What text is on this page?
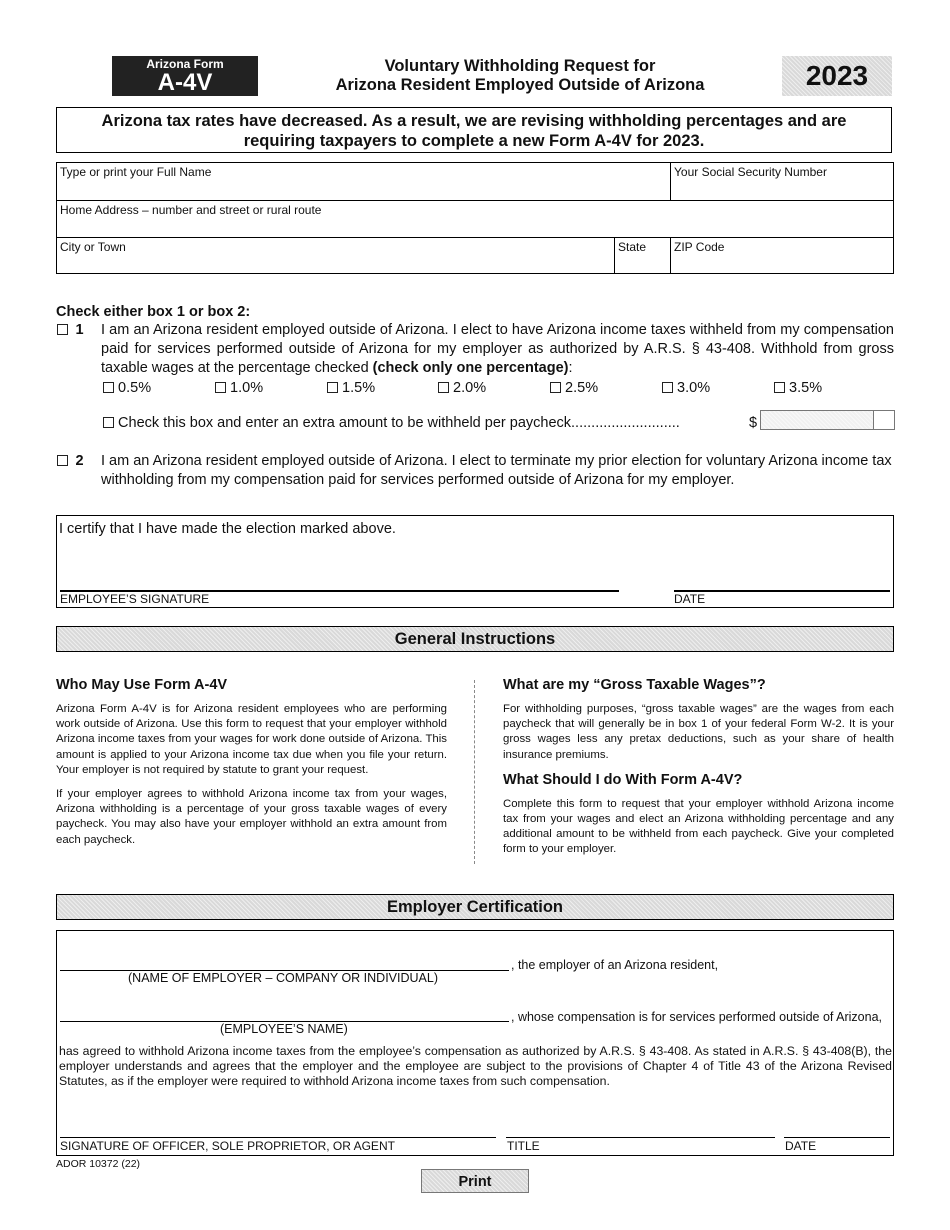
Arizona Form
A-4V
Voluntary Withholding Request for
Arizona Resident Employed Outside of Arizona	2023
Arizona tax rates have decreased. As a result, we are revising withholding percentages and are
requiring taxpayers to complete a new Form A-4V for 2023.
Type or print your Full Name	Your Social Security Number
Home Address – number and street or rural route
City or Town	State	ZIP Code
Check either box 1 or box 2:
1 I am an Arizona resident employed outside of Arizona. I elect to have Arizona income taxes withheld from my compensation paid for services performed outside of Arizona for my employer as authorized by A.R.S. § 43-408. Withhold from gross taxable wages at the percentage checked (check only one percentage):
0.5%	1.0%	1.5%	2.0%	2.5%	3.0%	3.5%
Check this box and enter an extra amount to be withheld per paycheck...........................	$
2 I am an Arizona resident employed outside of Arizona. I elect to terminate my prior election for voluntary Arizona income tax withholding from my compensation paid for services performed outside of Arizona for my employer.
I certify that I have made the election marked above.
EMPLOYEE’S SIGNATURE	DATE
General Instructions
Who May Use Form A-4V

Arizona Form A-4V is for Arizona resident employees who are performing work outside of Arizona. Use this form to request that your employer withhold Arizona income taxes from your wages for work done outside of Arizona. This amount is applied to your Arizona income tax due when you file your return. Your employer is not required by statute to grant your request.

If your employer agrees to withhold Arizona income tax from your wages, Arizona withholding is a percentage of your gross taxable wages of every paycheck. You may also have your employer withhold an extra amount from each paycheck.

What are my “Gross Taxable Wages”?

For withholding purposes, “gross taxable wages” are the wages from each paycheck that will generally be in box 1 of your federal Form W-2. It is your gross wages less any pretax deductions, such as your share of health insurance premiums.

What Should I do With Form A-4V?

Complete this form to request that your employer withhold Arizona income tax from your wages and elect an Arizona withholding percentage and any additional amount to be withheld from each paycheck. Give your completed form to your employer.

Employer Certification
, the employer of an Arizona resident,
(NAME OF EMPLOYER – COMPANY OR INDIVIDUAL)
, whose compensation is for services performed outside of Arizona,
(EMPLOYEE’S NAME)
has agreed to withhold Arizona income taxes from the employee’s compensation as authorized by A.R.S. § 43-408. As stated in A.R.S. § 43-408(B), the employer understands and agrees that the employer and the employee are subject to the provisions of Chapter 4 of Title 43 of the Arizona Revised Statutes, as if the employer were required to withhold Arizona income taxes from such compensation.
SIGNATURE OF OFFICER, SOLE PROPRIETOR, OR AGENT	TITLE	DATE
ADOR 10372 (22)
Print
